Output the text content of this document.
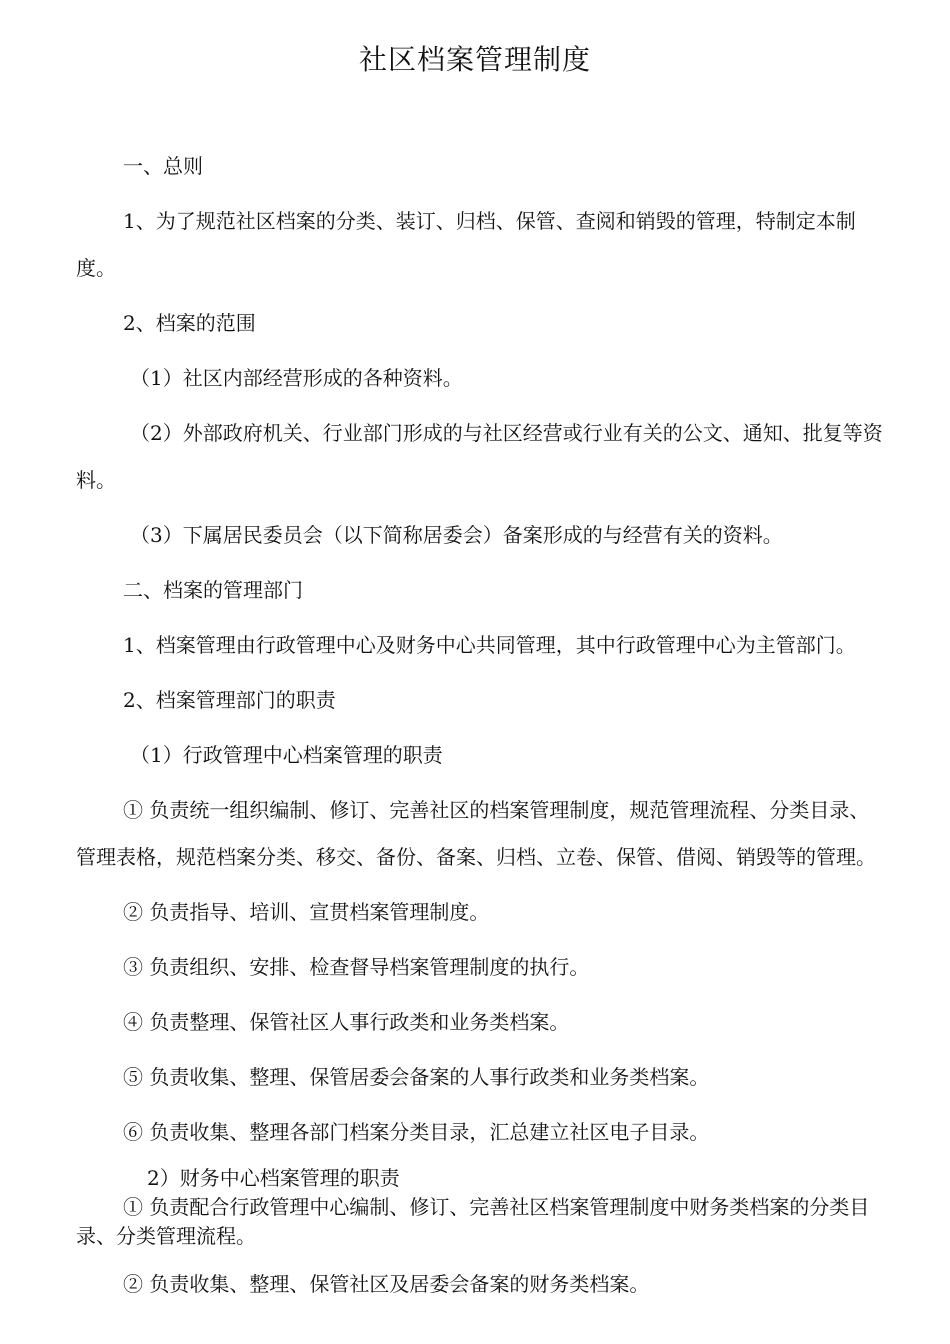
社区档案管理制度

一、总则

1、为了规范社区档案的分类、装订、归档、保管、查阅和销毁的管理，特制定本制度。

2、档案的范围

（1）社区内部经营形成的各种资料。

（2）外部政府机关、行业部门形成的与社区经营或行业有关的公文、通知、批复等资料。

（3）下属居民委员会（以下简称居委会）备案形成的与经营有关的资料。

二、档案的管理部门

1、档案管理由行政管理中心及财务中心共同管理，其中行政管理中心为主管部门。

2、档案管理部门的职责

（1）行政管理中心档案管理的职责

① 负责统一组织编制、修订、完善社区的档案管理制度，规范管理流程、分类目录、管理表格，规范档案分类、移交、备份、备案、归档、立卷、保管、借阅、销毁等的管理。

② 负责指导、培训、宣贯档案管理制度。

③ 负责组织、安排、检查督导档案管理制度的执行。

④ 负责整理、保管社区人事行政类和业务类档案。

⑤ 负责收集、整理、保管居委会备案的人事行政类和业务类档案。

⑥ 负责收集、整理各部门档案分类目录，汇总建立社区电子目录。

2）财务中心档案管理的职责

① 负责配合行政管理中心编制、修订、完善社区档案管理制度中财务类档案的分类目录、分类管理流程。

② 负责收集、整理、保管社区及居委会备案的财务类档案。
